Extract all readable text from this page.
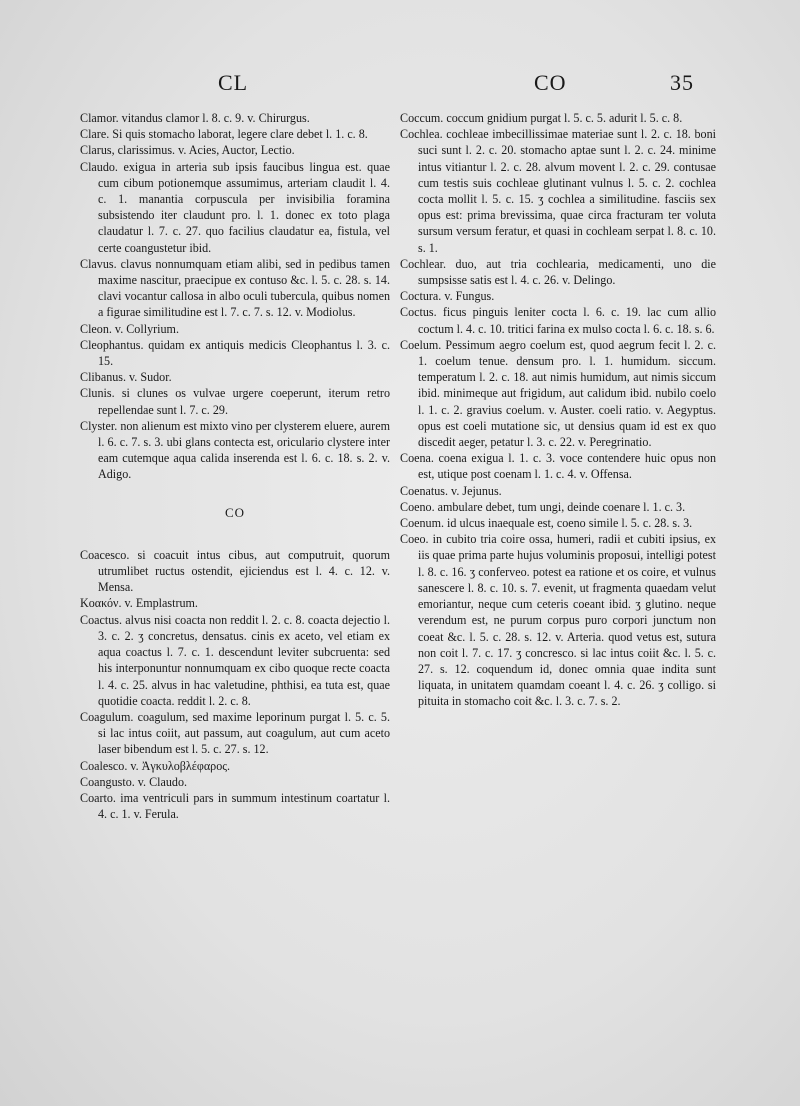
CL	CO	35

Clamor. vitandus clamor l. 8. c. 9. v. Chirurgus.

Clare. Si quis stomacho laborat, legere clare debet l. 1. c. 8.

Clarus, clarissimus. v. Acies, Auctor, Lectio.

Claudo. exigua in arteria sub ipsis faucibus lingua est. quae cum cibum potionemque assumimus, arteriam claudit l. 4. c. 1. manantia corpuscula per invisibilia foramina subsistendo iter claudunt pro. l. 1. donec ex toto plaga claudatur l. 7. c. 27. quo facilius claudatur ea, fistula, vel certe coangustetur ibid.

Clavus. clavus nonnumquam etiam alibi, sed in pedibus tamen maxime nascitur, praecipue ex contuso &c. l. 5. c. 28. s. 14. clavi vocantur callosa in albo oculi tubercula, quibus nomen a figurae similitudine est l. 7. c. 7. s. 12. v. Modiolus.

Cleon. v. Collyrium.

Cleophantus. quidam ex antiquis medicis Cleophantus l. 3. c. 15.

Clibanus. v. Sudor.

Clunis. si clunes os vulvae urgere coeperunt, iterum retro repellendae sunt l. 7. c. 29.

Clyster. non alienum est mixto vino per clysterem eluere, aurem l. 6. c. 7. s. 3. ubi glans contecta est, oriculario clystere inter eam cutemque aqua calida inserenda est l. 6. c. 18. s. 2. v. Adigo.

CO

Coacesco. si coacuit intus cibus, aut computruit, quorum utrumlibet ructus ostendit, ejiciendus est l. 4. c. 12. v. Mensa.

Κοακόν. v. Emplastrum.

Coactus. alvus nisi coacta non reddit l. 2. c. 8. coacta dejectio l. 3. c. 2. ʒ concretus, densatus. cinis ex aceto, vel etiam ex aqua coactus l. 7. c. 1. descendunt leviter subcruenta: sed his interponuntur nonnumquam ex cibo quoque recte coacta l. 4. c. 25. alvus in hac valetudine, phthisi, ea tuta est, quae quotidie coacta. reddit l. 2. c. 8.

Coagulum. coagulum, sed maxime leporinum purgat l. 5. c. 5. si lac intus coiit, aut passum, aut coagulum, aut cum aceto laser bibendum est l. 5. c. 27. s. 12.

Coalesco. v. Ἀγκυλοβλέφαρος.

Coangusto. v. Claudo.

Coarto. ima ventriculi pars in summum intestinum coartatur l. 4. c. 1. v. Ferula.

Coccum. coccum gnidium purgat l. 5. c. 5. adurit l. 5. c. 8.

Cochlea. cochleae imbecillissimae materiae sunt l. 2. c. 18. boni suci sunt l. 2. c. 20. stomacho aptae sunt l. 2. c. 24. minime intus vitiantur l. 2. c. 28. alvum movent l. 2. c. 29. contusae cum testis suis cochleae glutinant vulnus l. 5. c. 2. cochlea cocta mollit l. 5. c. 15. ʒ cochlea a similitudine. fasciis sex opus est: prima brevissima, quae circa fracturam ter voluta sursum versum feratur, et quasi in cochleam serpat l. 8. c. 10. s. 1.

Cochlear. duo, aut tria cochlearia, medicamenti, uno die sumpsisse satis est l. 4. c. 26. v. Delingo.

Coctura. v. Fungus.

Coctus. ficus pinguis leniter cocta l. 6. c. 19. lac cum allio coctum l. 4. c. 10. tritici farina ex mulso cocta l. 6. c. 18. s. 6.

Coelum. Pessimum aegro coelum est, quod aegrum fecit l. 2. c. 1. coelum tenue. densum pro. l. 1. humidum. siccum. temperatum l. 2. c. 18. aut nimis humidum, aut nimis siccum ibid. minimeque aut frigidum, aut calidum ibid. nubilo coelo l. 1. c. 2. gravius coelum. v. Auster. coeli ratio. v. Aegyptus. opus est coeli mutatione sic, ut densius quam id est ex quo discedit aeger, petatur l. 3. c. 22. v. Peregrinatio.

Coena. coena exigua l. 1. c. 3. voce contendere huic opus non est, utique post coenam l. 1. c. 4. v. Offensa.

Coenatus. v. Jejunus.

Coeno. ambulare debet, tum ungi, deinde coenare l. 1. c. 3.

Coenum. id ulcus inaequale est, coeno simile l. 5. c. 28. s. 3.

Coeo. in cubito tria coire ossa, humeri, radii et cubiti ipsius, ex iis quae prima parte hujus voluminis proposui, intelligi potest l. 8. c. 16. ʒ conferveo. potest ea ratione et os coire, et vulnus sanescere l. 8. c. 10. s. 7. evenit, ut fragmenta quaedam velut emoriantur, neque cum ceteris coeant ibid. ʒ glutino. neque verendum est, ne purum corpus puro corpori junctum non coeat &c. l. 5. c. 28. s. 12. v. Arteria. quod vetus est, sutura non coit l. 7. c. 17. ʒ concresco. si lac intus coiit &c. l. 5. c. 27. s. 12. coquendum id, donec omnia quae indita sunt liquata, in unitatem quamdam coeant l. 4. c. 26. ʒ colligo. si pituita in stomacho coit &c. l. 3. c. 7. s. 2.
